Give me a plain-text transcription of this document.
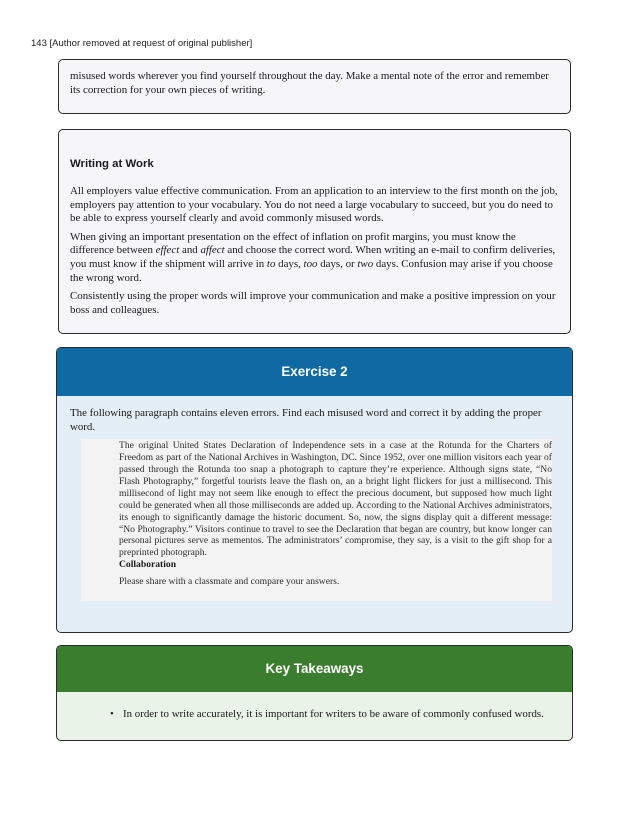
143 [Author removed at request of original publisher]

misused words wherever you find yourself throughout the day. Make a mental note of the error and remember its correction for your own pieces of writing.

Writing at Work

All employers value effective communication. From an application to an interview to the first month on the job, employers pay attention to your vocabulary. You do not need a large vocabulary to succeed, but you do need to be able to express yourself clearly and avoid commonly misused words.

When giving an important presentation on the effect of inflation on profit margins, you must know the difference between effect and affect and choose the correct word. When writing an e-mail to confirm deliveries, you must know if the shipment will arrive in to days, too days, or two days. Confusion may arise if you choose the wrong word.

Consistently using the proper words will improve your communication and make a positive impression on your boss and colleagues.

Exercise 2

The following paragraph contains eleven errors. Find each misused word and correct it by adding the proper word.

The original United States Declaration of Independence sets in a case at the Rotunda for the Charters of Freedom as part of the National Archives in Washington, DC. Since 1952, over one million visitors each year of passed through the Rotunda too snap a photograph to capture they’re experience. Although signs state, “No Flash Photography,” forgetful tourists leave the flash on, an a bright light flickers for just a millisecond. This millisecond of light may not seem like enough to effect the precious document, but supposed how much light could be generated when all those milliseconds are added up. According to the National Archives administrators, its enough to significantly damage the historic document. So, now, the signs display quit a different message: “No Photography.” Visitors continue to travel to see the Declaration that began are country, but know longer can personal pictures serve as mementos. The administrators’ compromise, they say, is a visit to the gift shop for a preprinted photograph.

Collaboration

Please share with a classmate and compare your answers.

Key Takeaways
• In order to write accurately, it is important for writers to be aware of commonly confused words.
